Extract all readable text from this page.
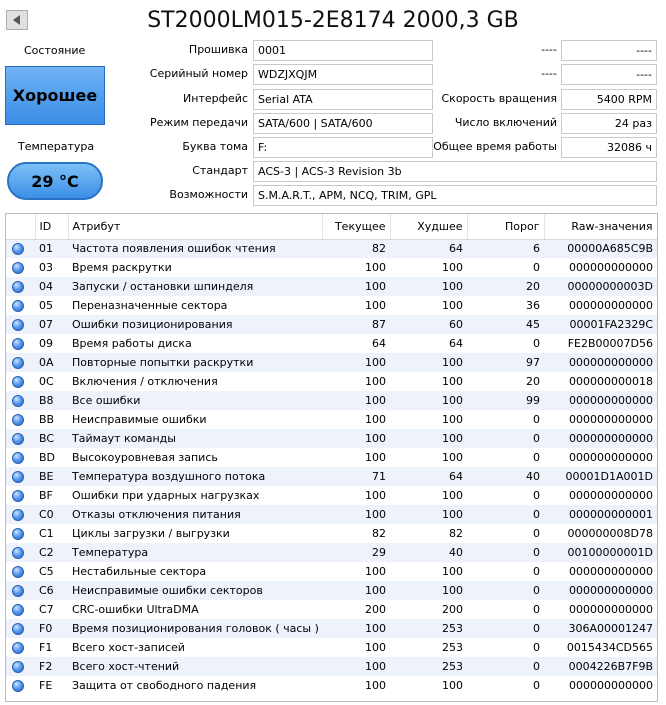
ST2000LM015-2E8174 2000,3 GB
Состояние
Хорошее
Температура
29 °C
Прошивка 0001
Серийный номер WDZJXQJM
Интерфейс Serial ATA
Режим передачи SATA/600 | SATA/600
Буква тома F:
Стандарт ACS-3 | ACS-3 Revision 3b
Возможности S.M.A.R.T., APM, NCQ, TRIM, GPL
----	----
----	----
Скорость вращения	5400 RPM
Число включений	24 раз
Общее время работы	32086 ч
	ID	Атрибут	Текущее	Худшее	Порог	Raw-значения
	01	Частота появления ошибок чтения	82	64	6	00000A685C9B
	03	Время раскрутки	100	100	0	000000000000
	04	Запуски / остановки шпинделя	100	100	20	00000000003D
	05	Переназначенные сектора	100	100	36	000000000000
	07	Ошибки позиционирования	87	60	45	00001FA2329C
	09	Время работы диска	64	64	0	FE2B00007D56
	0A	Повторные попытки раскрутки	100	100	97	000000000000
	0C	Включения / отключения	100	100	20	000000000018
	B8	Все ошибки	100	100	99	000000000000
	BB	Неисправимые ошибки	100	100	0	000000000000
	BC	Таймаут команды	100	100	0	000000000000
	BD	Высокоуровневая запись	100	100	0	000000000000
	BE	Температура воздушного потока	71	64	40	00001D1A001D
	BF	Ошибки при ударных нагрузках	100	100	0	000000000000
	C0	Отказы отключения питания	100	100	0	000000000001
	C1	Циклы загрузки / выгрузки	82	82	0	000000008D78
	C2	Температура	29	40	0	00100000001D
	C5	Нестабильные сектора	100	100	0	000000000000
	C6	Неисправимые ошибки секторов	100	100	0	000000000000
	C7	CRC-ошибки UltraDMA	200	200	0	000000000000
	F0	Время позиционирования головок ( часы )	100	253	0	306A00001247
	F1	Всего хост-записей	100	253	0	0015434CD565
	F2	Всего хост-чтений	100	253	0	0004226B7F9B
	FE	Защита от свободного падения	100	100	0	000000000000
